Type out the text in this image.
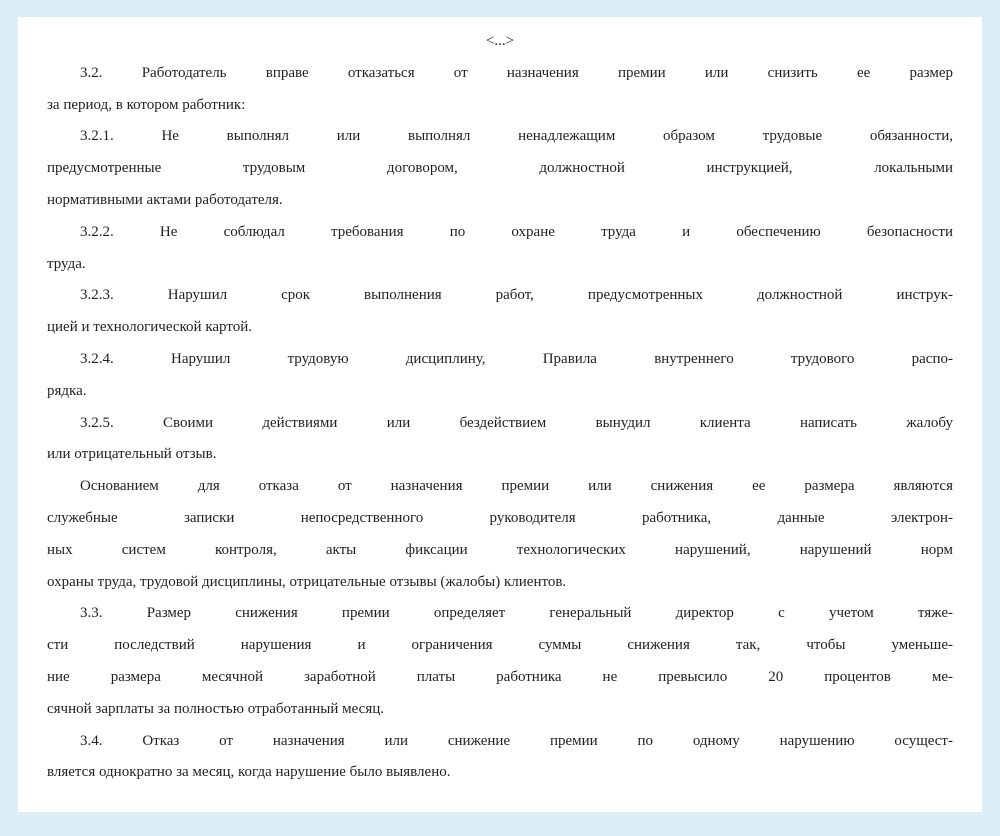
<...>
3.2. Работодатель вправе отказаться от назначения премии или снизить ее размер
за период, в котором работник:
3.2.1. Не выполнял или выполнял ненадлежащим образом трудовые обязанности,
предусмотренные трудовым договором, должностной инструкцией, локальными
нормативными актами работодателя.
3.2.2. Не соблюдал требования по охране труда и обеспечению безопасности
труда.
3.2.3. Нарушил срок выполнения работ, предусмотренных должностной инструк-
цией и технологической картой.
3.2.4. Нарушил трудовую дисциплину, Правила внутреннего трудового распо-
рядка.
3.2.5. Своими действиями или бездействием вынудил клиента написать жалобу
или отрицательный отзыв.
Основанием для отказа от назначения премии или снижения ее размера являются
служебные записки непосредственного руководителя работника, данные электрон-
ных систем контроля, акты фиксации технологических нарушений, нарушений норм
охраны труда, трудовой дисциплины, отрицательные отзывы (жалобы) клиентов.
3.3. Размер снижения премии определяет генеральный директор с учетом тяже-
сти последствий нарушения и ограничения суммы снижения так, чтобы уменьше-
ние размера месячной заработной платы работника не превысило 20 процентов ме-
сячной зарплаты за полностью отработанный месяц.
3.4. Отказ от назначения или снижение премии по одному нарушению осущест-
вляется однократно за месяц, когда нарушение было выявлено.
